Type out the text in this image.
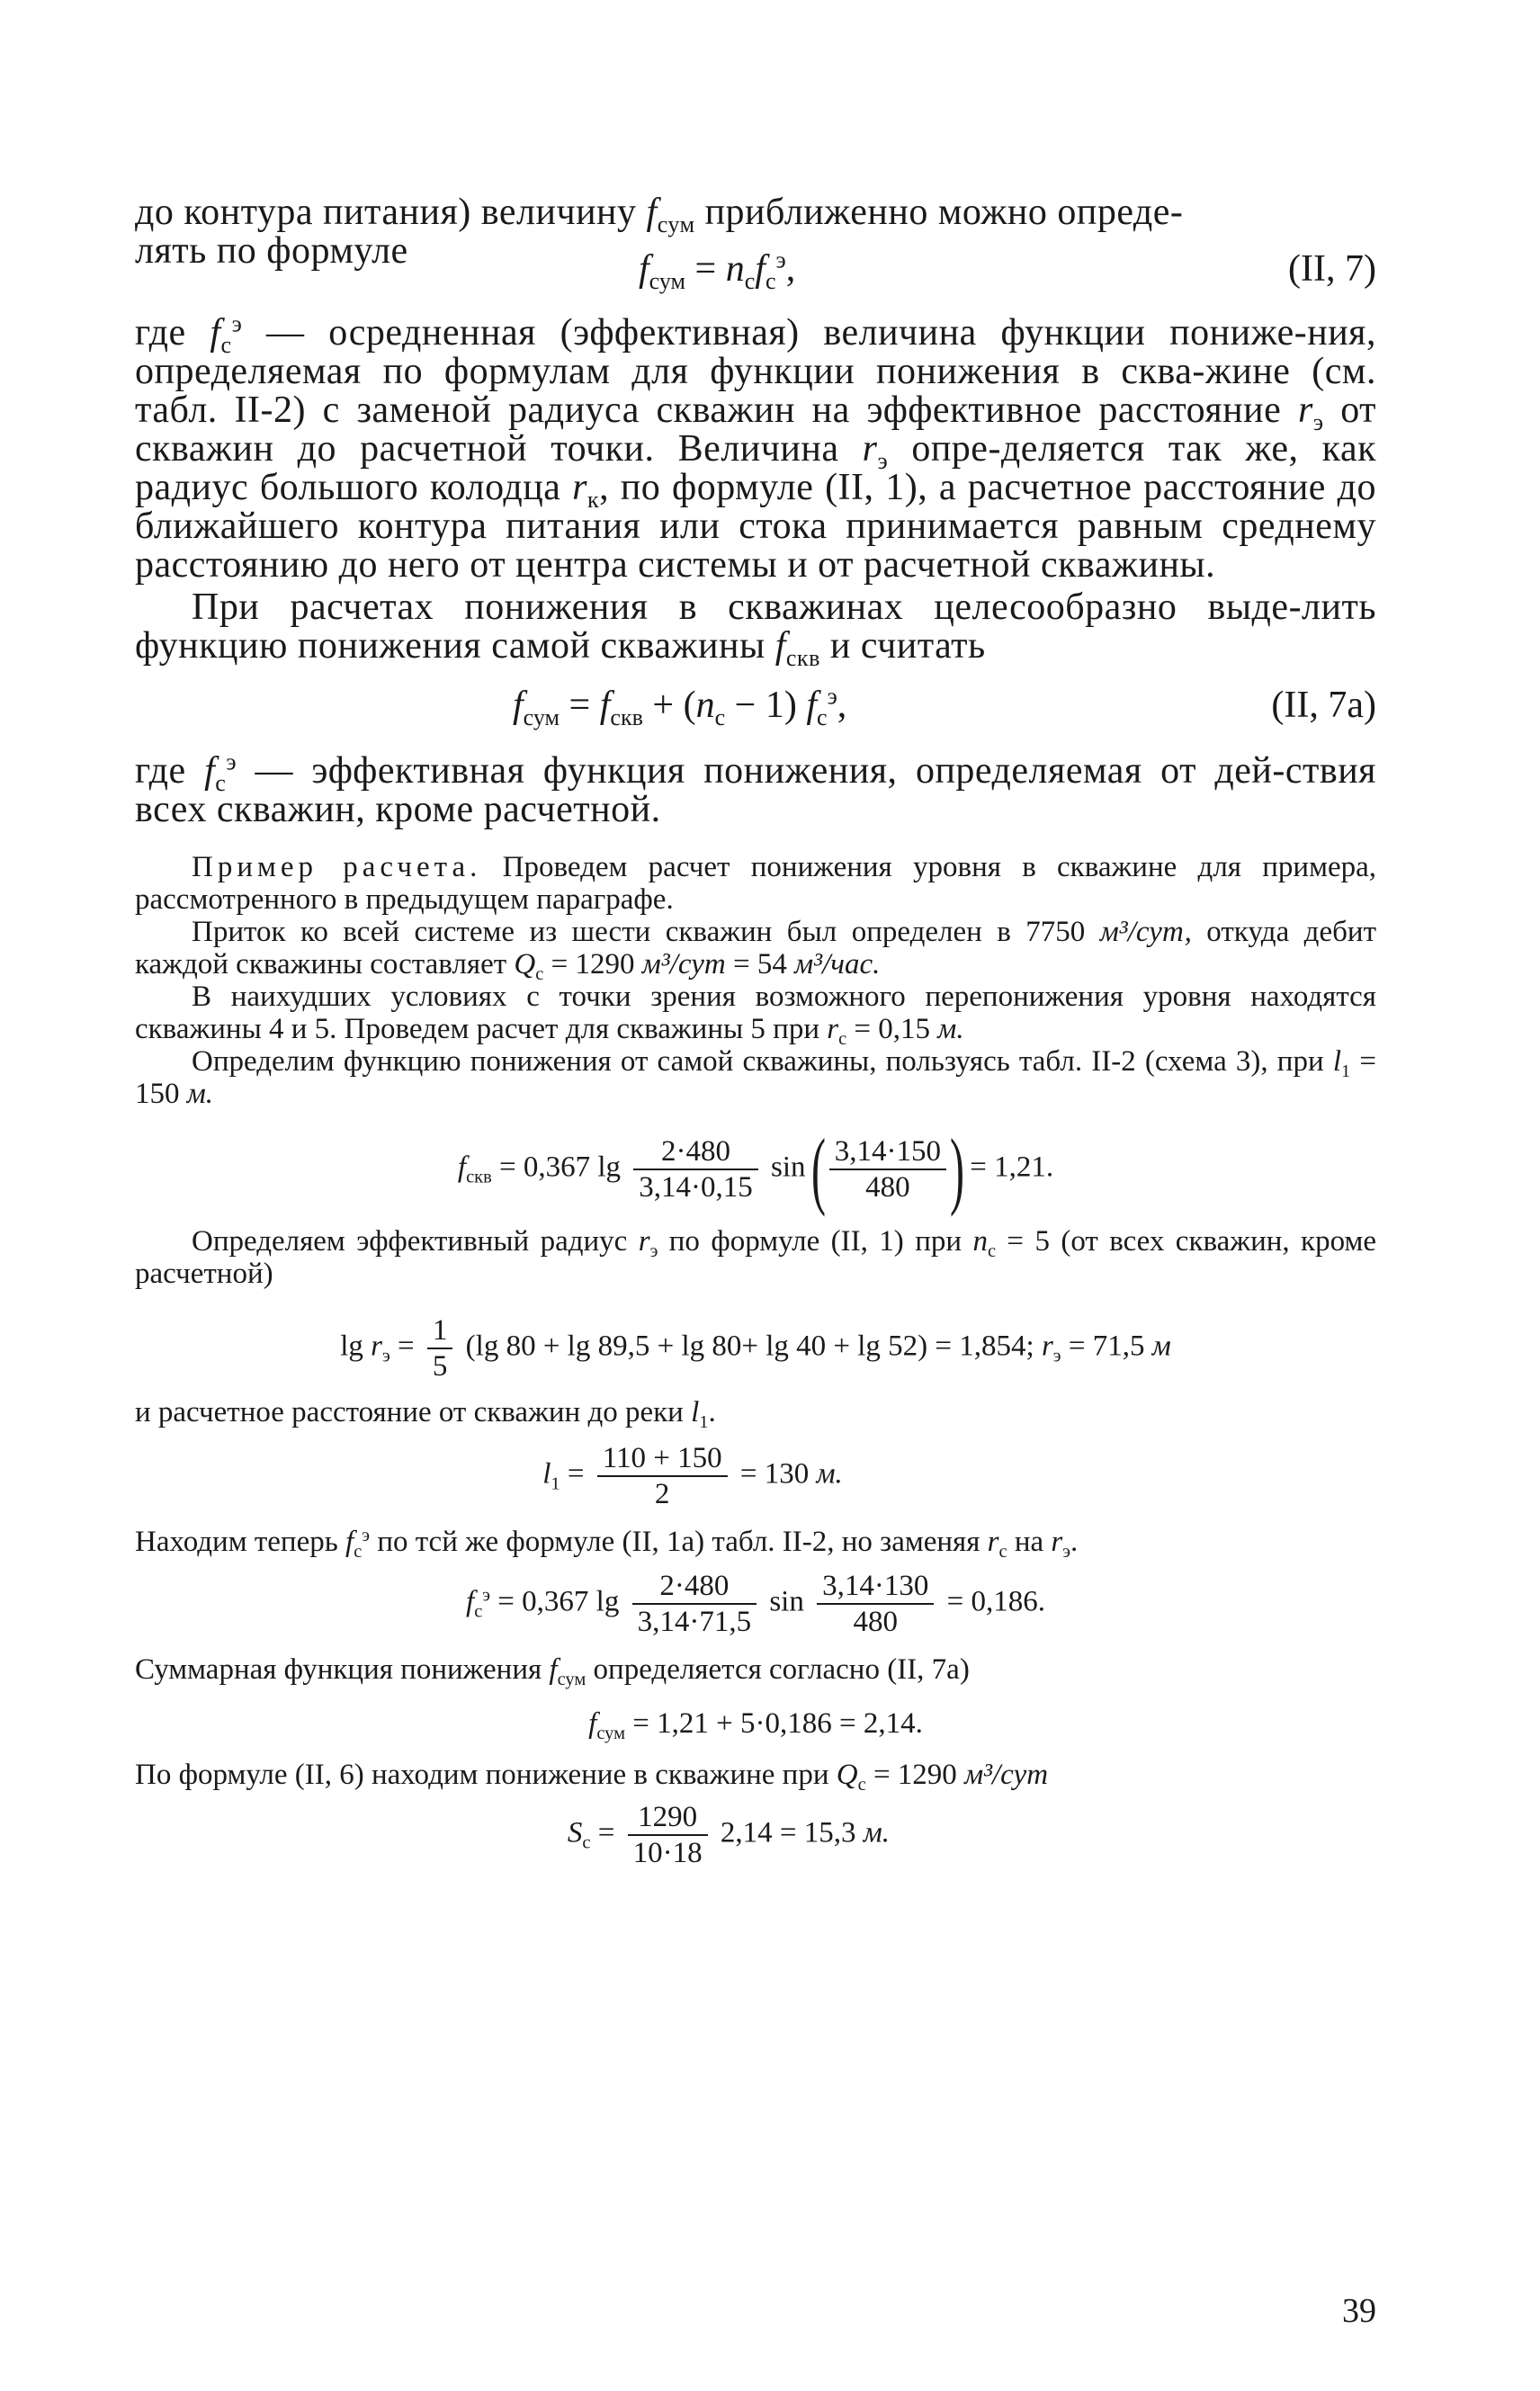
до контура питания) величину $f_{сум}$ приближенно можно опреде-
лять по формуле	$f_{сум} = n_сf_с^э$,	(II, 7)

где $f_с^э$ — осредненная (эффективная) величина функции пониже-ния, определяемая по формулам для функции понижения в сква-жине (см. табл. II-2) с заменой радиуса скважин на эффективное расстояние $r_э$ от скважин до расчетной точки. Величина $r_э$ опре-деляется так же, как радиус большого колодца $r_к$, по формуле (II, 1), а расчетное расстояние до ближайшего контура питания или стока принимается равным среднему расстоянию до него от центра системы и от расчетной скважины.

При расчетах понижения в скважинах целесообразно выде-лить функцию понижения самой скважины $f_{скв}$ и считать

$f_{сум} = f_{скв} + (n_с - 1)$ $f_с^э$,	(II, 7a)

где $f_с^э$ — эффективная функция понижения, определяемая от дей-ствия всех скважин, кроме расчетной.

Пример расчета. Проведем расчет понижения уровня в скважине для примера, рассмотренного в предыдущем параграфе.

Приток ко всей системе из шести скважин был определен в 7750 м³/сут, откуда дебит каждой скважины составляет $Q_с = 1290$ м³/сут = 54 м³/час.

В наихудших условиях с точки зрения возможного перепонижения уровня находятся скважины 4 и 5. Проведем расчет для скважины 5 при $r_с = 0,15$ м.

Определим функцию понижения от самой скважины, пользуясь табл. II-2 (схема 3), при $l_1 = 150$ м.

$f_{скв} = 0,367$ $\lg \frac{2\cdot 480}{3,14\cdot 0,15}$ sin ( $\frac{3,14\cdot 150}{480}$ ) = 1,21.

Определяем эффективный радиус $r_э$ по формуле (II, 1) при $n_с = 5$ (от всех скважин, кроме расчетной)

$\lg r_э = \frac{1}{5} (\lg$ 80 + lg 89,5 + lg 80+ lg 40 + lg 52) = 1,854; $r_э = 71,5$ м

и расчетное расстояние от скважин до реки $l_1$.

$l_1 = \frac{110 + 150}{2} = 130$ м.

Находим теперь $f_с^э$ по тсй же формуле (II, 1а) табл. II-2, но заменяя $r_с$ на $r_э$.

$f_с^э = 0,367$ $\lg \frac{2\cdot 480}{3,14\cdot 71,5}$ $\sin \frac{3,14\cdot 130}{480} = 0,186$.

Суммарная функция понижения $f_{сум}$ определяется согласно (II, 7а)

$f_{сум} = 1,21 + 5\cdot 0,186 = 2,14$.

По формуле (II, 6) находим понижение в скважине при $Q_с = 1290$ м³/сут

$S_с = \frac{1290}{10\cdot 18} 2,14 = 15,3$ м.
39
